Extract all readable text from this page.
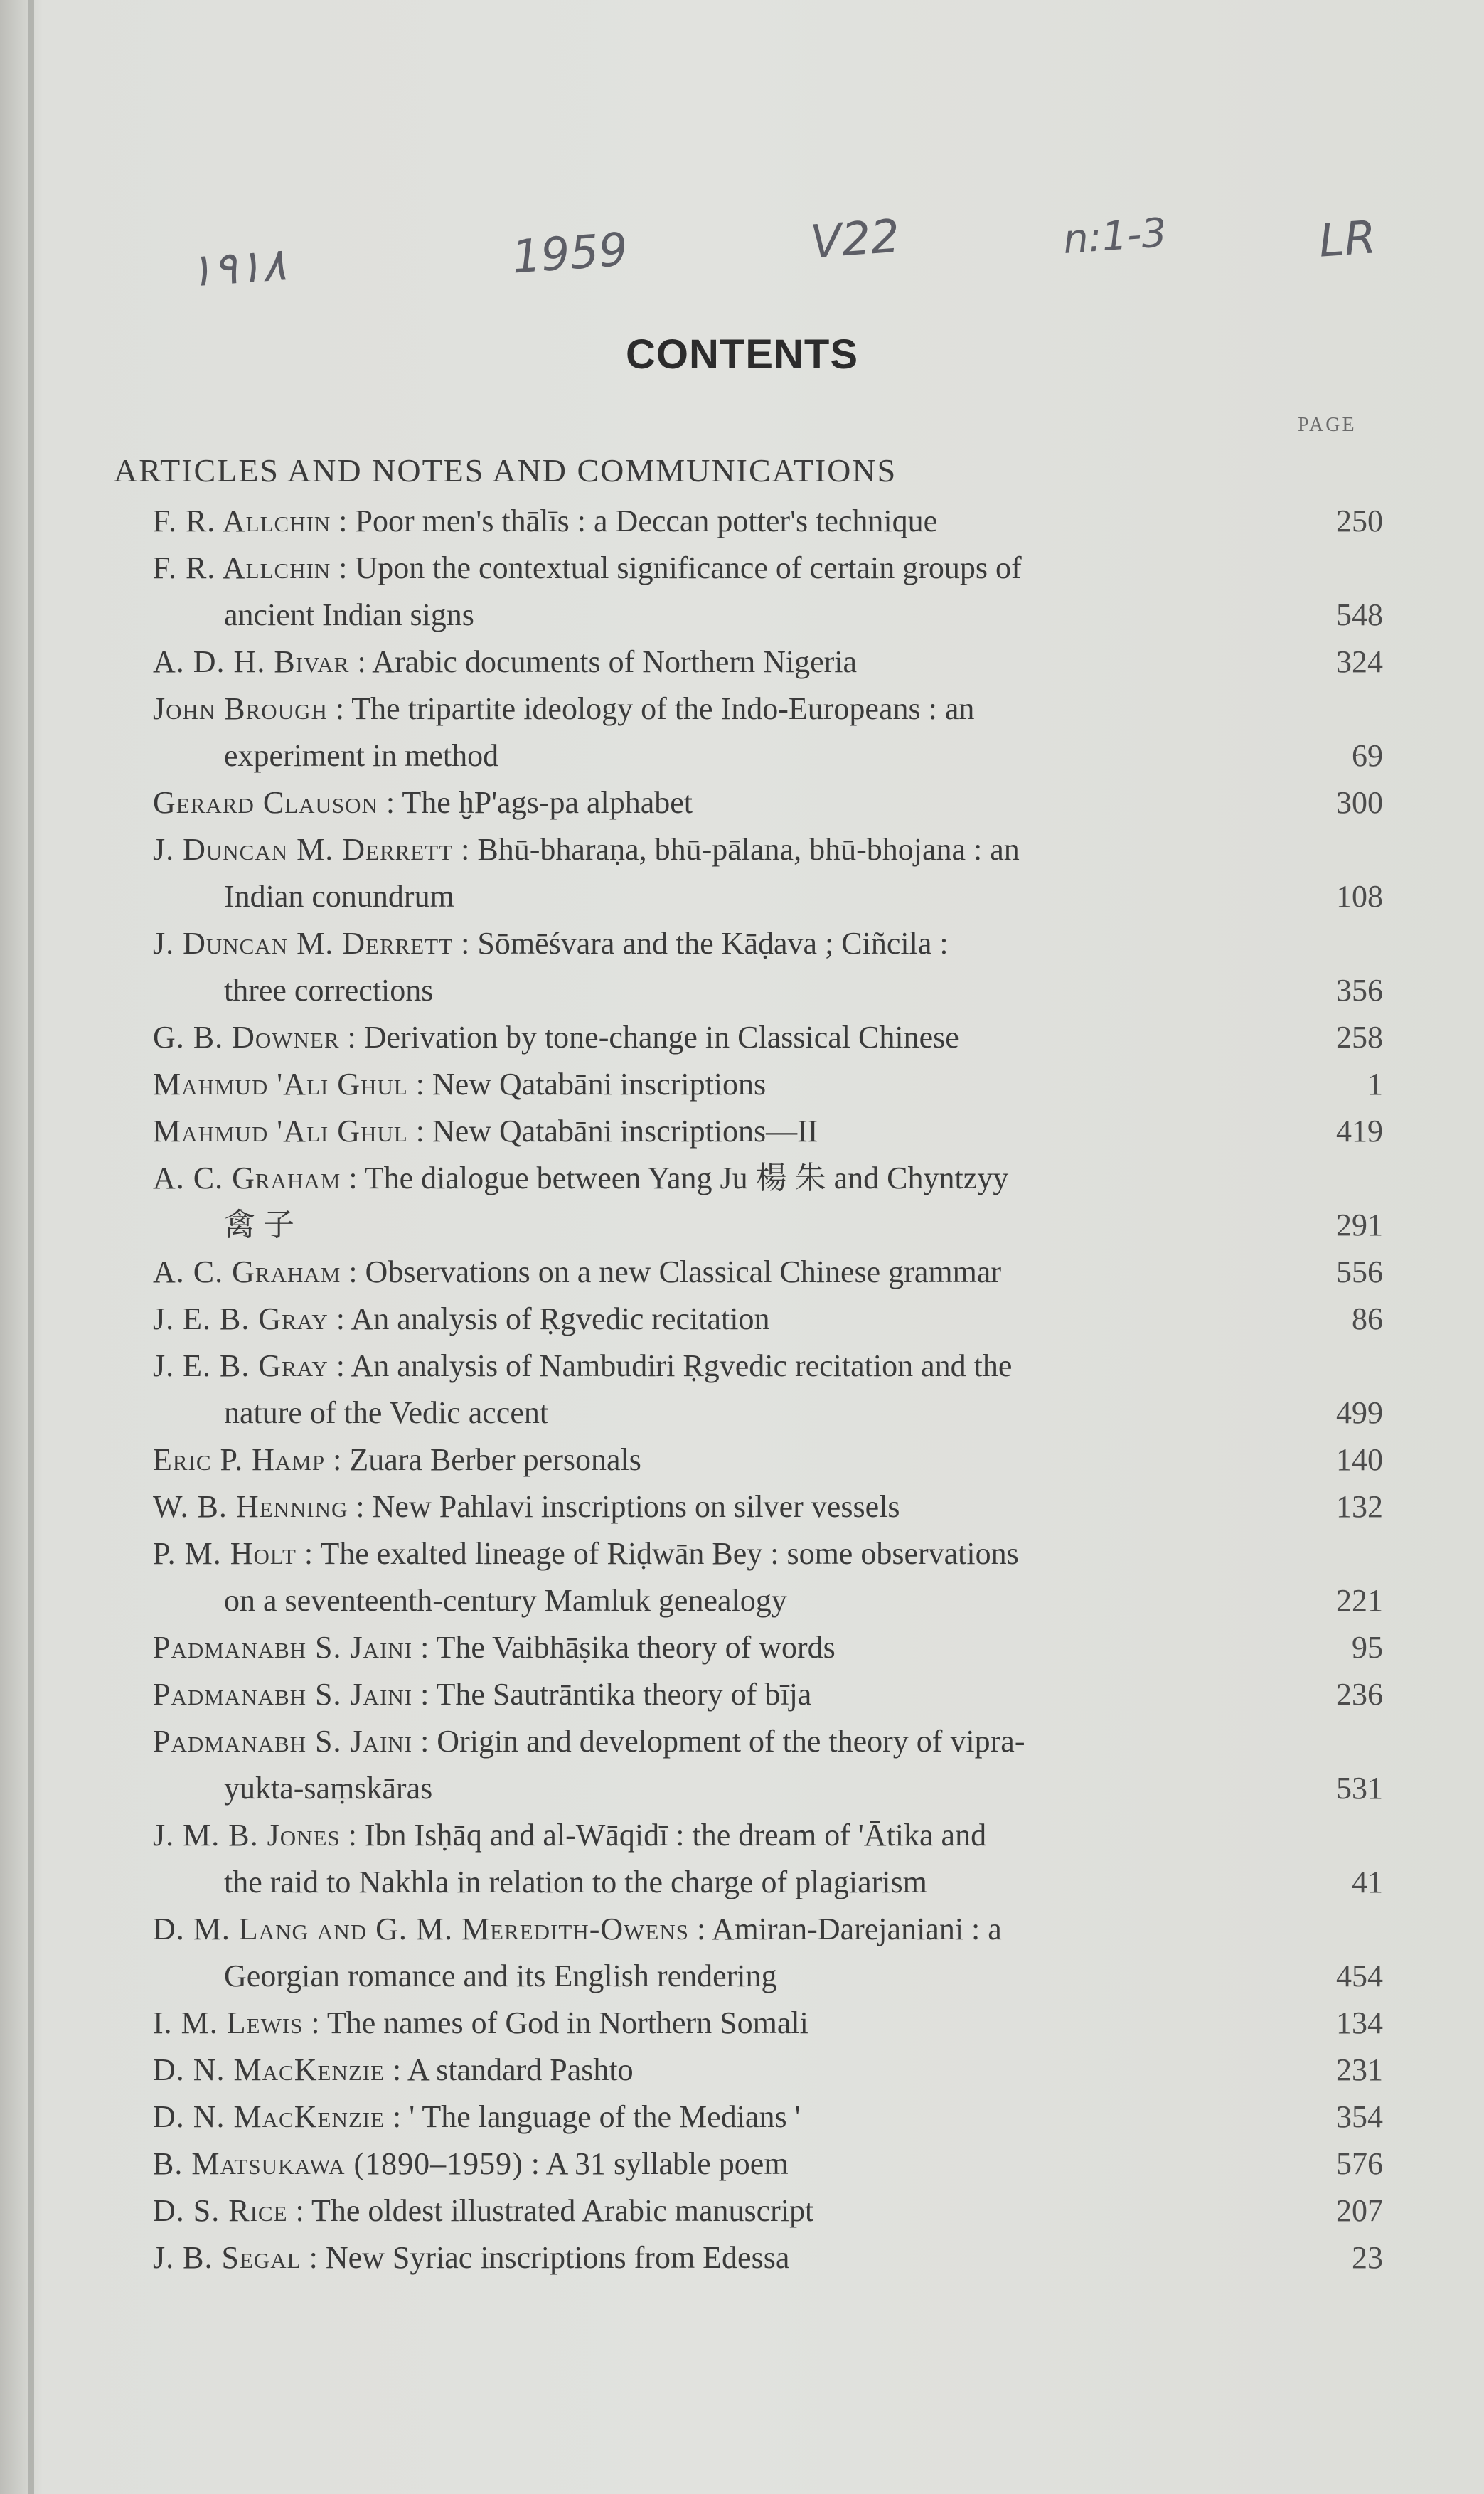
۱۹۱۸	1959	V22	n:1-3	LR
CONTENTS
PAGE
ARTICLES AND NOTES AND COMMUNICATIONS
F. R. Allchin : Poor men's thālīs : a Deccan potter's technique	250
F. R. Allchin : Upon the contextual significance of certain groups of
ancient Indian signs	548
A. D. H. Bivar : Arabic documents of Northern Nigeria	324
John Brough : The tripartite ideology of the Indo-Europeans : an
experiment in method	69
Gerard Clauson : The ḫP'ags-pa alphabet	300
J. Duncan M. Derrett : Bhū-bharaṇa, bhū-pālana, bhū-bhojana : an
Indian conundrum	108
J. Duncan M. Derrett : Sōmēśvara and the Kāḍava ; Ciñcila :
three corrections	356
G. B. Downer : Derivation by tone-change in Classical Chinese	258
Mahmud 'Ali Ghul : New Qatabāni inscriptions	1
Mahmud 'Ali Ghul : New Qatabāni inscriptions—II	419
A. C. Graham : The dialogue between Yang Ju 楊 朱 and Chyntzyy
禽 子	291
A. C. Graham : Observations on a new Classical Chinese grammar	556
J. E. B. Gray : An analysis of Ṛgvedic recitation	86
J. E. B. Gray : An analysis of Nambudiri Ṛgvedic recitation and the
nature of the Vedic accent	499
Eric P. Hamp : Zuara Berber personals	140
W. B. Henning : New Pahlavi inscriptions on silver vessels	132
P. M. Holt : The exalted lineage of Riḍwān Bey : some observations
on a seventeenth-century Mamluk genealogy	221
Padmanabh S. Jaini : The Vaibhāṣika theory of words	95
Padmanabh S. Jaini : The Sautrāntika theory of bīja	236
Padmanabh S. Jaini : Origin and development of the theory of vipra-
yukta-saṃskāras	531
J. M. B. Jones : Ibn Isḥāq and al-Wāqidī : the dream of 'Ātika and
the raid to Nakhla in relation to the charge of plagiarism	41
D. M. Lang and G. M. Meredith-Owens : Amiran-Darejaniani : a
Georgian romance and its English rendering	454
I. M. Lewis : The names of God in Northern Somali	134
D. N. MacKenzie : A standard Pashto	231
D. N. MacKenzie : ' The language of the Medians '	354
B. Matsukawa (1890–1959) : A 31 syllable poem	576
D. S. Rice : The oldest illustrated Arabic manuscript	207
J. B. Segal : New Syriac inscriptions from Edessa	23
